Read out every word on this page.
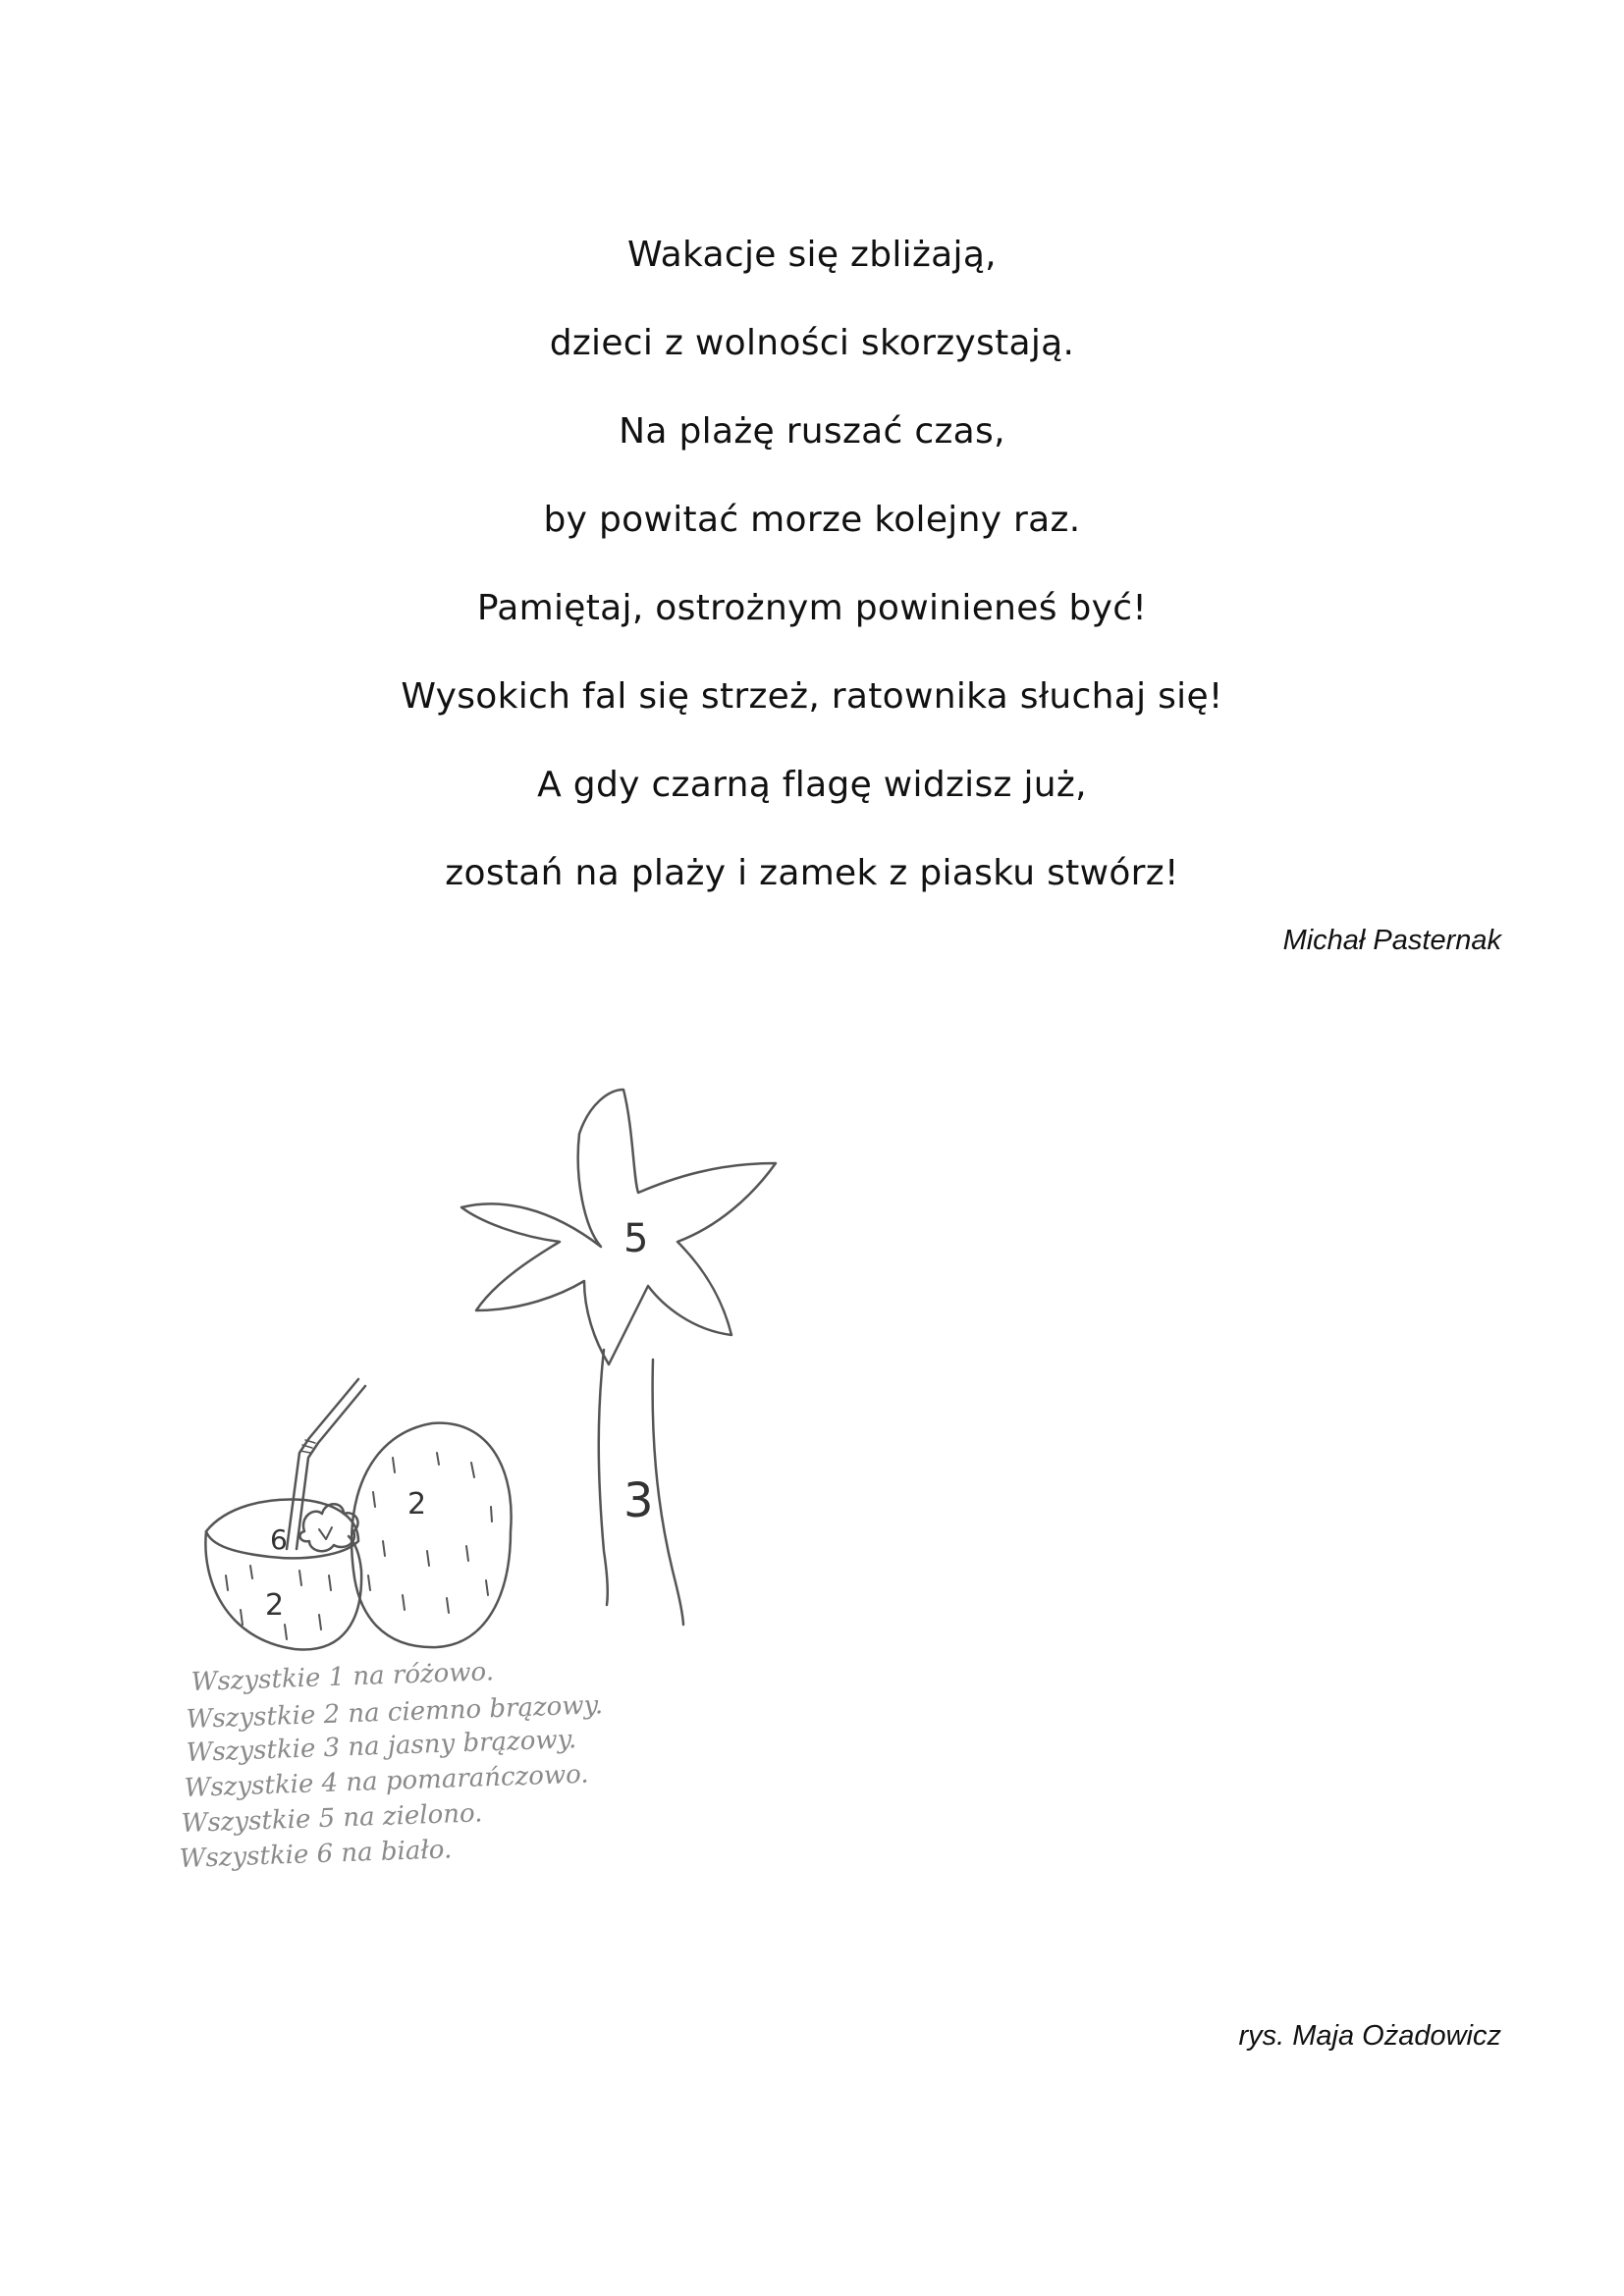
Wakacje się zbliżają,
dzieci z wolności skorzystają.
Na plażę ruszać czas,
by powitać morze kolejny raz.
Pamiętaj, ostrożnym powinieneś być!
Wysokich fal się strzeż, ratownika słuchaj się!
A gdy czarną flagę widzisz już,
zostań na plaży i zamek z piasku stwórz!
Michał Pasternak
5
3
2
6
2
Wszystkie 1 na różowo.
Wszystkie 2 na ciemno brązowy.
Wszystkie 3 na jasny brązowy.
Wszystkie 4 na pomarańczowo.
Wszystkie 5 na zielono.
Wszystkie 6 na biało.
rys. Maja Ożadowicz
